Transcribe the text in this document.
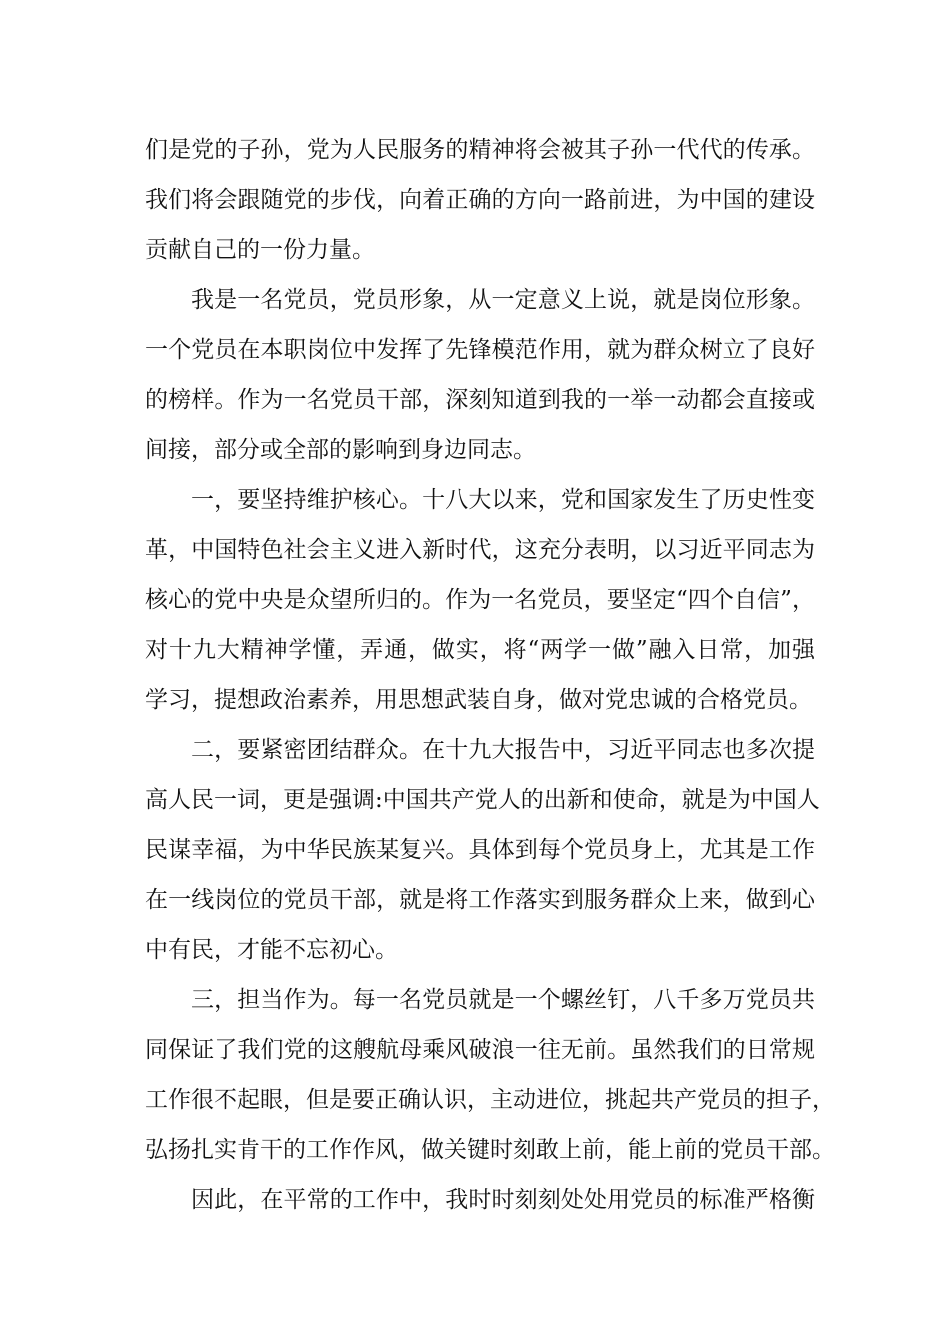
们是党的子孙，党为人民服务的精神将会被其子孙一代代的传承。
我们将会跟随党的步伐，向着正确的方向一路前进，为中国的建设
贡献自己的一份力量。
我是一名党员，党员形象，从一定意义上说，就是岗位形象。
一个党员在本职岗位中发挥了先锋模范作用，就为群众树立了良好
的榜样。作为一名党员干部，深刻知道到我的一举一动都会直接或
间接，部分或全部的影响到身边同志。
一，要坚持维护核心。十八大以来，党和国家发生了历史性变
革，中国特色社会主义进入新时代，这充分表明，以习近平同志为
核心的党中央是众望所归的。作为一名党员，要坚定“四个自信”，
对十九大精神学懂，弄通，做实，将“两学一做”融入日常，加强
学习，提想政治素养，用思想武装自身，做对党忠诚的合格党员。
二，要紧密团结群众。在十九大报告中，习近平同志也多次提
高人民一词，更是强调:中国共产党人的出新和使命，就是为中国人
民谋幸福，为中华民族某复兴。具体到每个党员身上，尤其是工作
在一线岗位的党员干部，就是将工作落实到服务群众上来，做到心
中有民，才能不忘初心。
三，担当作为。每一名党员就是一个螺丝钉，八千多万党员共
同保证了我们党的这艘航母乘风破浪一往无前。虽然我们的日常规
工作很不起眼，但是要正确认识，主动进位，挑起共产党员的担子，
弘扬扎实肯干的工作作风，做关键时刻敢上前，能上前的党员干部。
因此，在平常的工作中，我时时刻刻处处用党员的标准严格衡
